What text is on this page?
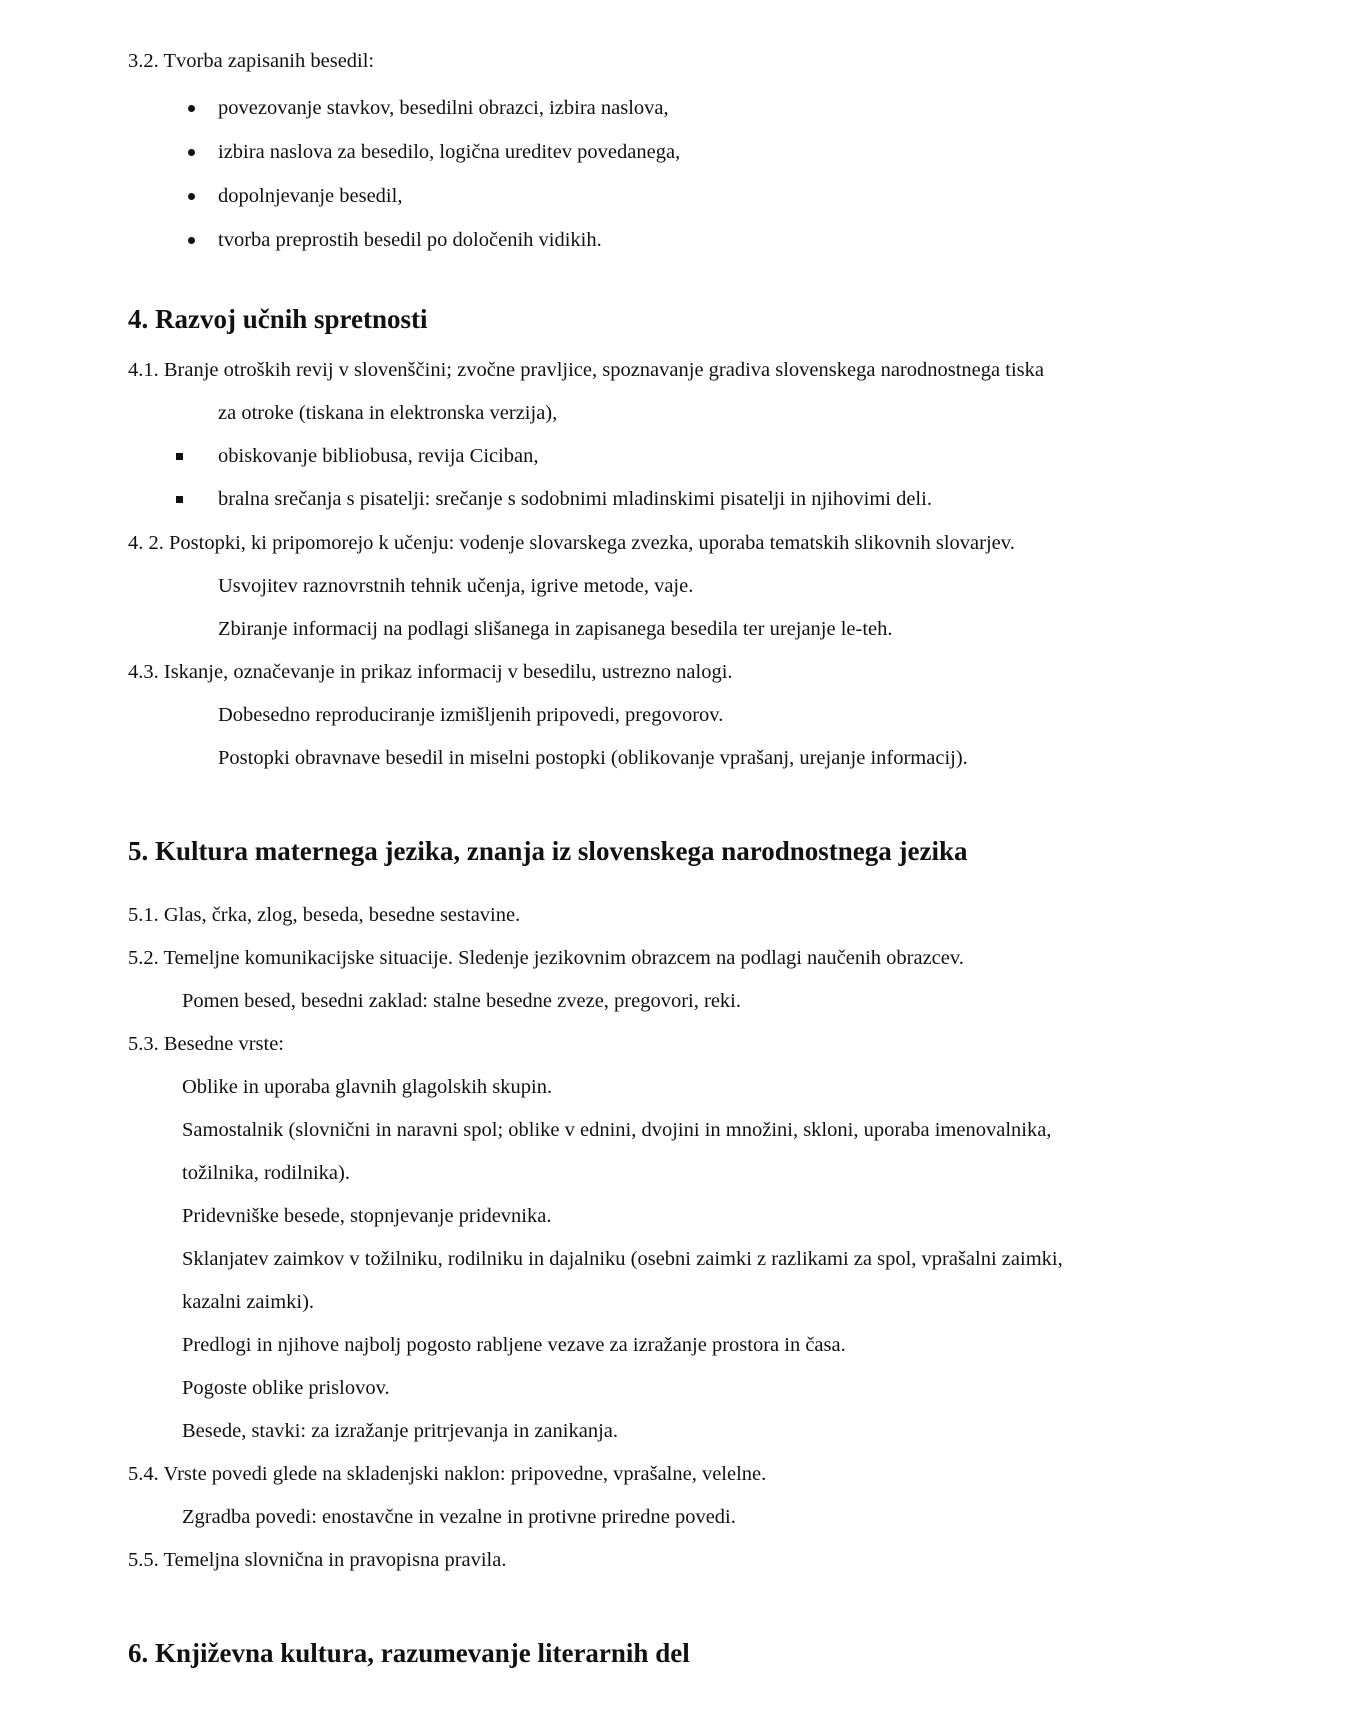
3.2. Tvorba zapisanih besedil:
povezovanje stavkov, besedilni obrazci, izbira naslova,
izbira naslova za besedilo, logična ureditev povedanega,
dopolnjevanje besedil,
tvorba preprostih besedil po določenih vidikih.
4. Razvoj učnih spretnosti
4.1. Branje otroških revij v slovenščini; zvočne pravljice, spoznavanje gradiva slovenskega narodnostnega tiska
za otroke (tiskana in elektronska verzija),
obiskovanje bibliobusa, revija Ciciban,
bralna srečanja s pisatelji: srečanje s sodobnimi mladinskimi pisatelji in njihovimi deli.
4. 2. Postopki, ki pripomorejo k učenju: vodenje slovarskega zvezka, uporaba tematskih slikovnih slovarjev.
Usvojitev raznovrstnih tehnik učenja, igrive metode, vaje.
Zbiranje informacij na podlagi slišanega in zapisanega besedila ter urejanje le-teh.
4.3. Iskanje, označevanje in prikaz informacij v besedilu, ustrezno nalogi.
Dobesedno reproduciranje izmišljenih pripovedi, pregovorov.
Postopki obravnave besedil in miselni postopki (oblikovanje vprašanj, urejanje informacij).
5. Kultura maternega jezika, znanja iz slovenskega narodnostnega jezika
5.1. Glas, črka, zlog, beseda, besedne sestavine.
5.2. Temeljne komunikacijske situacije. Sledenje jezikovnim obrazcem na podlagi naučenih obrazcev.
Pomen besed, besedni zaklad: stalne besedne zveze, pregovori, reki.
5.3. Besedne vrste:
Oblike in uporaba glavnih glagolskih skupin.
Samostalnik (slovnični in naravni spol; oblike v ednini, dvojini in množini, skloni, uporaba imenovalnika,
tožilnika, rodilnika).
Pridevniške besede, stopnjevanje pridevnika.
Sklanjatev zaimkov v tožilniku, rodilniku in dajalniku (osebni zaimki z razlikami za spol, vprašalni zaimki,
kazalni zaimki).
Predlogi in njihove najbolj pogosto rabljene vezave za izražanje prostora in časa.
Pogoste oblike prislovov.
Besede, stavki: za izražanje pritrjevanja in zanikanja.
5.4. Vrste povedi glede na skladenjski naklon: pripovedne, vprašalne, velelne.
Zgradba povedi: enostavčne in vezalne in protivne priredne povedi.
5.5. Temeljna slovnična in pravopisna pravila.
6. Književna kultura, razumevanje literarnih del
